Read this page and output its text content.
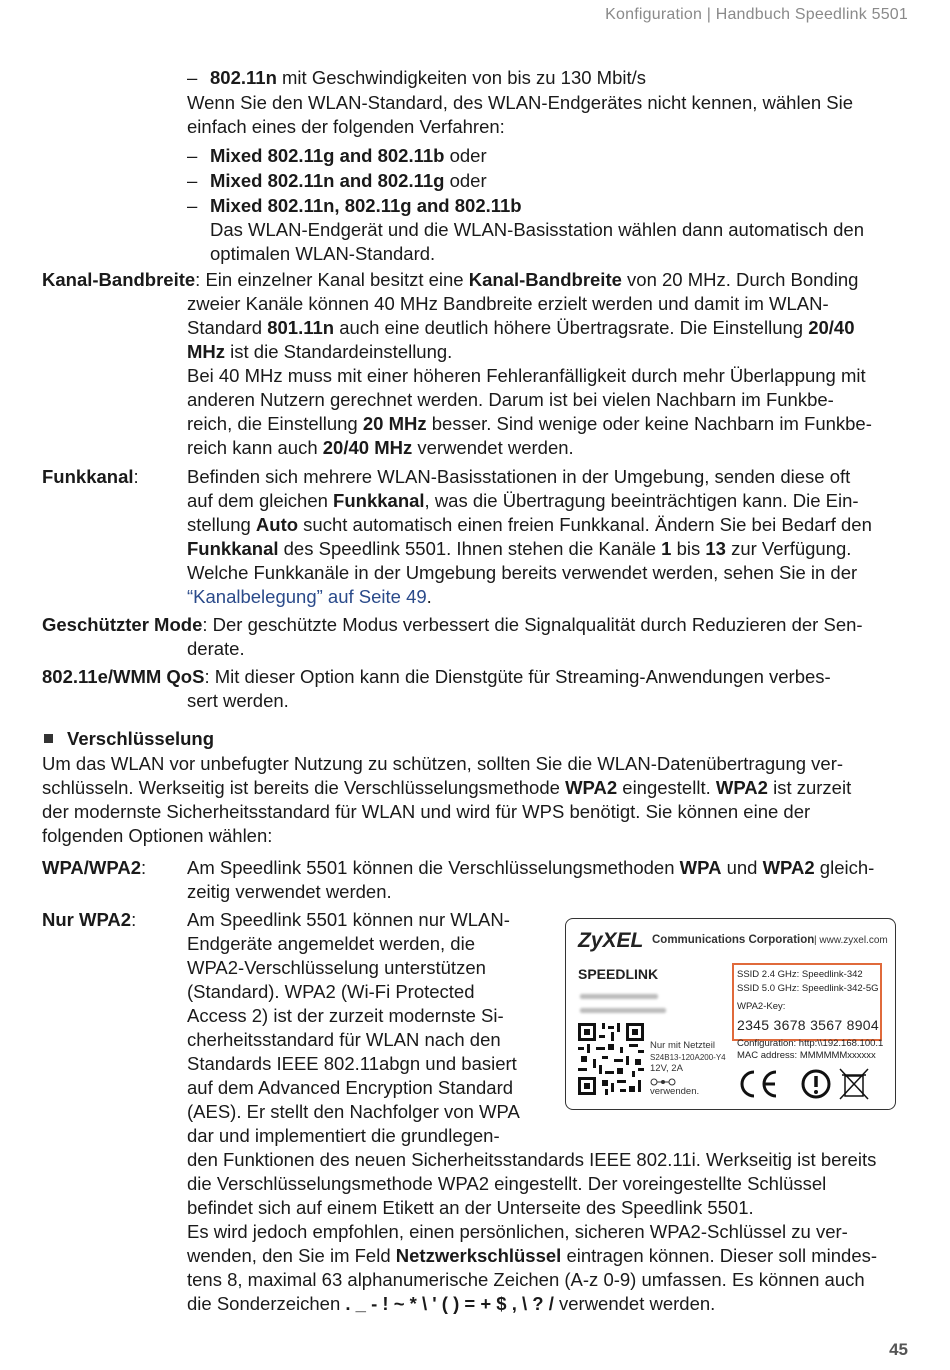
Konfiguration | Handbuch Speedlink 5501
– 802.11n mit Geschwindigkeiten von bis zu 130 Mbit/s
Wenn Sie den WLAN-Standard, des WLAN-Endgerätes nicht kennen, wählen Sie
einfach eines der folgenden Verfahren:
– Mixed 802.11g and 802.11b oder
– Mixed 802.11n and 802.11g oder
– Mixed 802.11n, 802.11g and 802.11b
Das WLAN-Endgerät und die WLAN-Basisstation wählen dann automatisch den
optimalen WLAN-Standard.
Kanal-Bandbreite: Ein einzelner Kanal besitzt eine Kanal-Bandbreite von 20 MHz. Durch Bonding
zweier Kanäle können 40 MHz Bandbreite erzielt werden und damit im WLAN-
Standard 801.11n auch eine deutlich höhere Übertragsrate. Die Einstellung 20/40
MHz ist die Standardeinstellung.
Bei 40 MHz muss mit einer höheren Fehleranfälligkeit durch mehr Überlappung mit
anderen Nutzern gerechnet werden. Darum ist bei vielen Nachbarn im Funkbe-
reich, die Einstellung 20 MHz besser. Sind wenige oder keine Nachbarn im Funkbe-
reich kann auch 20/40 MHz verwendet werden.
Funkkanal:	Befinden sich mehrere WLAN-Basisstationen in der Umgebung, senden diese oft
auf dem gleichen Funkkanal, was die Übertragung beeinträchtigen kann. Die Ein-
stellung Auto sucht automatisch einen freien Funkkanal. Ändern Sie bei Bedarf den
Funkkanal des Speedlink 5501. Ihnen stehen die Kanäle 1 bis 13 zur Verfügung.
Welche Funkkanäle in der Umgebung bereits verwendet werden, sehen Sie in der
“Kanalbelegung” auf Seite 49.
Geschützter Mode: Der geschützte Modus verbessert die Signalqualität durch Reduzieren der Sen-
derate.
802.11e/WMM QoS: Mit dieser Option kann die Dienstgüte für Streaming-Anwendungen verbes-
sert werden.
Verschlüsselung
Um das WLAN vor unbefugter Nutzung zu schützen, sollten Sie die WLAN-Datenübertragung ver-
schlüsseln. Werkseitig ist bereits die Verschlüsselungsmethode WPA2 eingestellt. WPA2 ist zurzeit
der modernste Sicherheitsstandard für WLAN und wird für WPS benötigt. Sie können eine der
folgenden Optionen wählen:
WPA/WPA2: Am Speedlink 5501 können die Verschlüsselungsmethoden WPA und WPA2 gleich-
zeitig verwendet werden.
Nur WPA2:	Am Speedlink 5501 können nur WLAN-
Endgeräte angemeldet werden, die
WPA2-Verschlüsselung unterstützen
(Standard). WPA2 (Wi-Fi Protected
Access 2) ist der zurzeit modernste Si-
cherheitsstandard für WLAN nach den
Standards IEEE 802.11abgn und basiert
auf dem Advanced Encryption Standard
(AES). Er stellt den Nachfolger von WPA
dar und implementiert die grundlegen-
den Funktionen des neuen Sicherheitsstandards IEEE 802.11i. Werkseitig ist bereits
die Verschlüsselungsmethode WPA2 eingestellt. Der voreingestellte Schlüssel
befindet sich auf einem Etikett an der Unterseite des Speedlink 5501.
Es wird jedoch empfohlen, einen persönlichen, sicheren WPA2-Schlüssel zu ver-
wenden, den Sie im Feld Netzwerkschlüssel eintragen können. Dieser soll mindes-
tens 8, maximal 63 alphanumerische Zeichen (A-z 0-9) umfassen. Es können auch
die Sonderzeichen . _ - ! ~ * \ ' ( ) = + $ , \ ? / verwendet werden.
ZyXEL Communications Corporation | www.zyxel.com
SPEEDLINK
Nur mit Netzteil
S24B13-120A200-Y4
12V, 2A
verwenden.
SSID 2.4 GHz: Speedlink-342
SSID 5.0 GHz: Speedlink-342-5G
WPA2-Key:
2345 3678 3567 8904
Configuration: http:\\192.168.100.1
MAC address: MMMMMMxxxxxx
45
